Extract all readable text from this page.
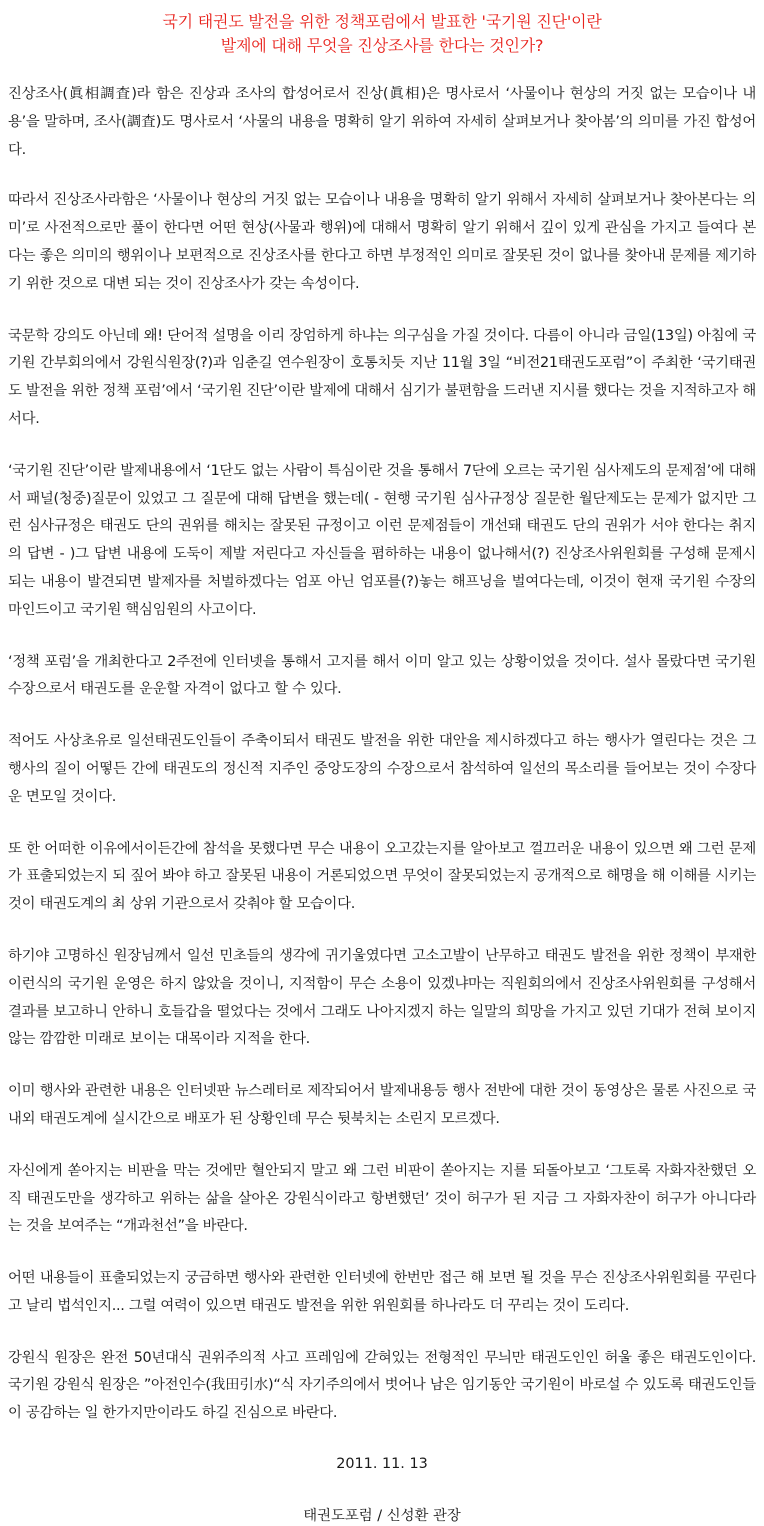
국기 태권도 발전을 위한 정책포럼에서 발표한 '국기원 진단'이란
발제에 대해 무엇을 진상조사를 한다는 것인가?

진상조사(眞相調査)라 함은 진상과 조사의 합성어로서 진상(眞相)은 명사로서 ‘사물이나 현상의 거짓 없는 모습이나 내용’을 말하며, 조사(調査)도 명사로서 ‘사물의 내용을 명확히 알기 위하여 자세히 살펴보거나 찾아봄’의 의미를 가진 합성어다.

따라서 진상조사라함은 ‘사물이나 현상의 거짓 없는 모습이나 내용을 명확히 알기 위해서 자세히 살펴보거나 찾아본다는 의미’로 사전적으로만 풀이 한다면 어떤 현상(사물과 행위)에 대해서 명확히 알기 위해서 깊이 있게 관심을 가지고 들여다 본다는 좋은 의미의 행위이나 보편적으로 진상조사를 한다고 하면 부정적인 의미로 잘못된 것이 없나를 찾아내 문제를 제기하기 위한 것으로 대변 되는 것이 진상조사가 갖는 속성이다.

국문학 강의도 아닌데 왜! 단어적 설명을 이리 장엄하게 하냐는 의구심을 가질 것이다. 다름이 아니라 금일(13일) 아침에 국기원 간부회의에서 강원식원장(?)과 임춘길 연수원장이 호통치듯 지난 11월 3일 “비전21태권도포럼”이 주최한 ‘국기태권도 발전을 위한 정책 포럼’에서 ‘국기원 진단’이란 발제에 대해서 심기가 불편함을 드러낸 지시를 했다는 것을 지적하고자 해서다.

‘국기원 진단’이란 발제내용에서 ‘1단도 없는 사람이 특심이란 것을 통해서 7단에 오르는 국기원 심사제도의 문제점’에 대해서 패널(청중)질문이 있었고 그 질문에 대해 답변을 했는데( - 현행 국기원 심사규정상 질문한 월단제도는 문제가 없지만 그런 심사규정은 태권도 단의 권위를 해치는 잘못된 규정이고 이런 문제점들이 개선돼 태권도 단의 권위가 서야 한다는 취지의 답변 - )그 답변 내용에 도둑이 제발 저린다고 자신들을 폄하하는 내용이 없나해서(?) 진상조사위원회를 구성해 문제시 되는 내용이 발견되면 발제자를 처벌하겠다는 엄포 아닌 엄포를(?)놓는 해프닝을 벌여다는데, 이것이 현재 국기원 수장의 마인드이고 국기원 핵심임원의 사고이다.

‘정책 포럼’을 개최한다고 2주전에 인터넷을 통해서 고지를 해서 이미 알고 있는 상황이었을 것이다. 설사 몰랐다면 국기원 수장으로서 태권도를 운운할 자격이 없다고 할 수 있다.

적어도 사상초유로 일선태권도인들이 주축이되서 태권도 발전을 위한 대안을 제시하겠다고 하는 행사가 열린다는 것은 그 행사의 질이 어떻든 간에 태권도의 정신적 지주인 중앙도장의 수장으로서 참석하여 일선의 목소리를 들어보는 것이 수장다운 면모일 것이다.

또 한 어떠한 이유에서이든간에 참석을 못했다면 무슨 내용이 오고갔는지를 알아보고 껄끄러운 내용이 있으면 왜 그런 문제가 표출되었는지 되 짚어 봐야 하고 잘못된 내용이 거론되었으면 무엇이 잘못되었는지 공개적으로 해명을 해 이해를 시키는 것이 태권도계의 최 상위 기관으로서 갖춰야 할 모습이다.

하기야 고명하신 원장님께서 일선 민초들의 생각에 귀기울였다면 고소고발이 난무하고 태권도 발전을 위한 정책이 부재한 이런식의 국기원 운영은 하지 않았을 것이니, 지적함이 무슨 소용이 있겠냐마는 직원회의에서 진상조사위원회를 구성해서 결과를 보고하니 안하니 호들갑을 떨었다는 것에서 그래도 나아지겠지 하는 일말의 희망을 가지고 있던 기대가 전혀 보이지 않는 깜깜한 미래로 보이는 대목이라 지적을 한다.

이미 행사와 관련한 내용은 인터넷판 뉴스레터로 제작되어서 발제내용등 행사 전반에 대한 것이 동영상은 물론 사진으로 국내외 태권도계에 실시간으로 배포가 된 상황인데 무슨 뒷북치는 소린지 모르겠다.

자신에게 쏟아지는 비판을 막는 것에만 혈안되지 말고 왜 그런 비판이 쏟아지는 지를 되돌아보고 ‘그토록 자화자찬했던 오직 태권도만을 생각하고 위하는 삶을 살아온 강원식이라고 항변했던’ 것이 허구가 된 지금 그 자화자찬이 허구가 아니다라는 것을 보여주는 “개과천선”을 바란다.

어떤 내용들이 표출되었는지 궁금하면 행사와 관련한 인터넷에 한번만 접근 해 보면 될 것을 무슨 진상조사위원회를 꾸린다고 날리 법석인지... 그럴 여력이 있으면 태권도 발전을 위한 위원회를 하나라도 더 꾸리는 것이 도리다.

강원식 원장은 완전 50년대식 권위주의적 사고 프레임에 갇혀있는 전형적인 무늬만 태권도인인 허울 좋은 태권도인이다. 국기원 강원식 원장은 ”아전인수(我田引水)“식 자기주의에서 벗어나 남은 임기동안 국기원이 바로설 수 있도록 태권도인들이 공감하는 일 한가지만이라도 하길 진심으로 바란다.

2011. 11. 13

태권도포럼 / 신성환 관장
